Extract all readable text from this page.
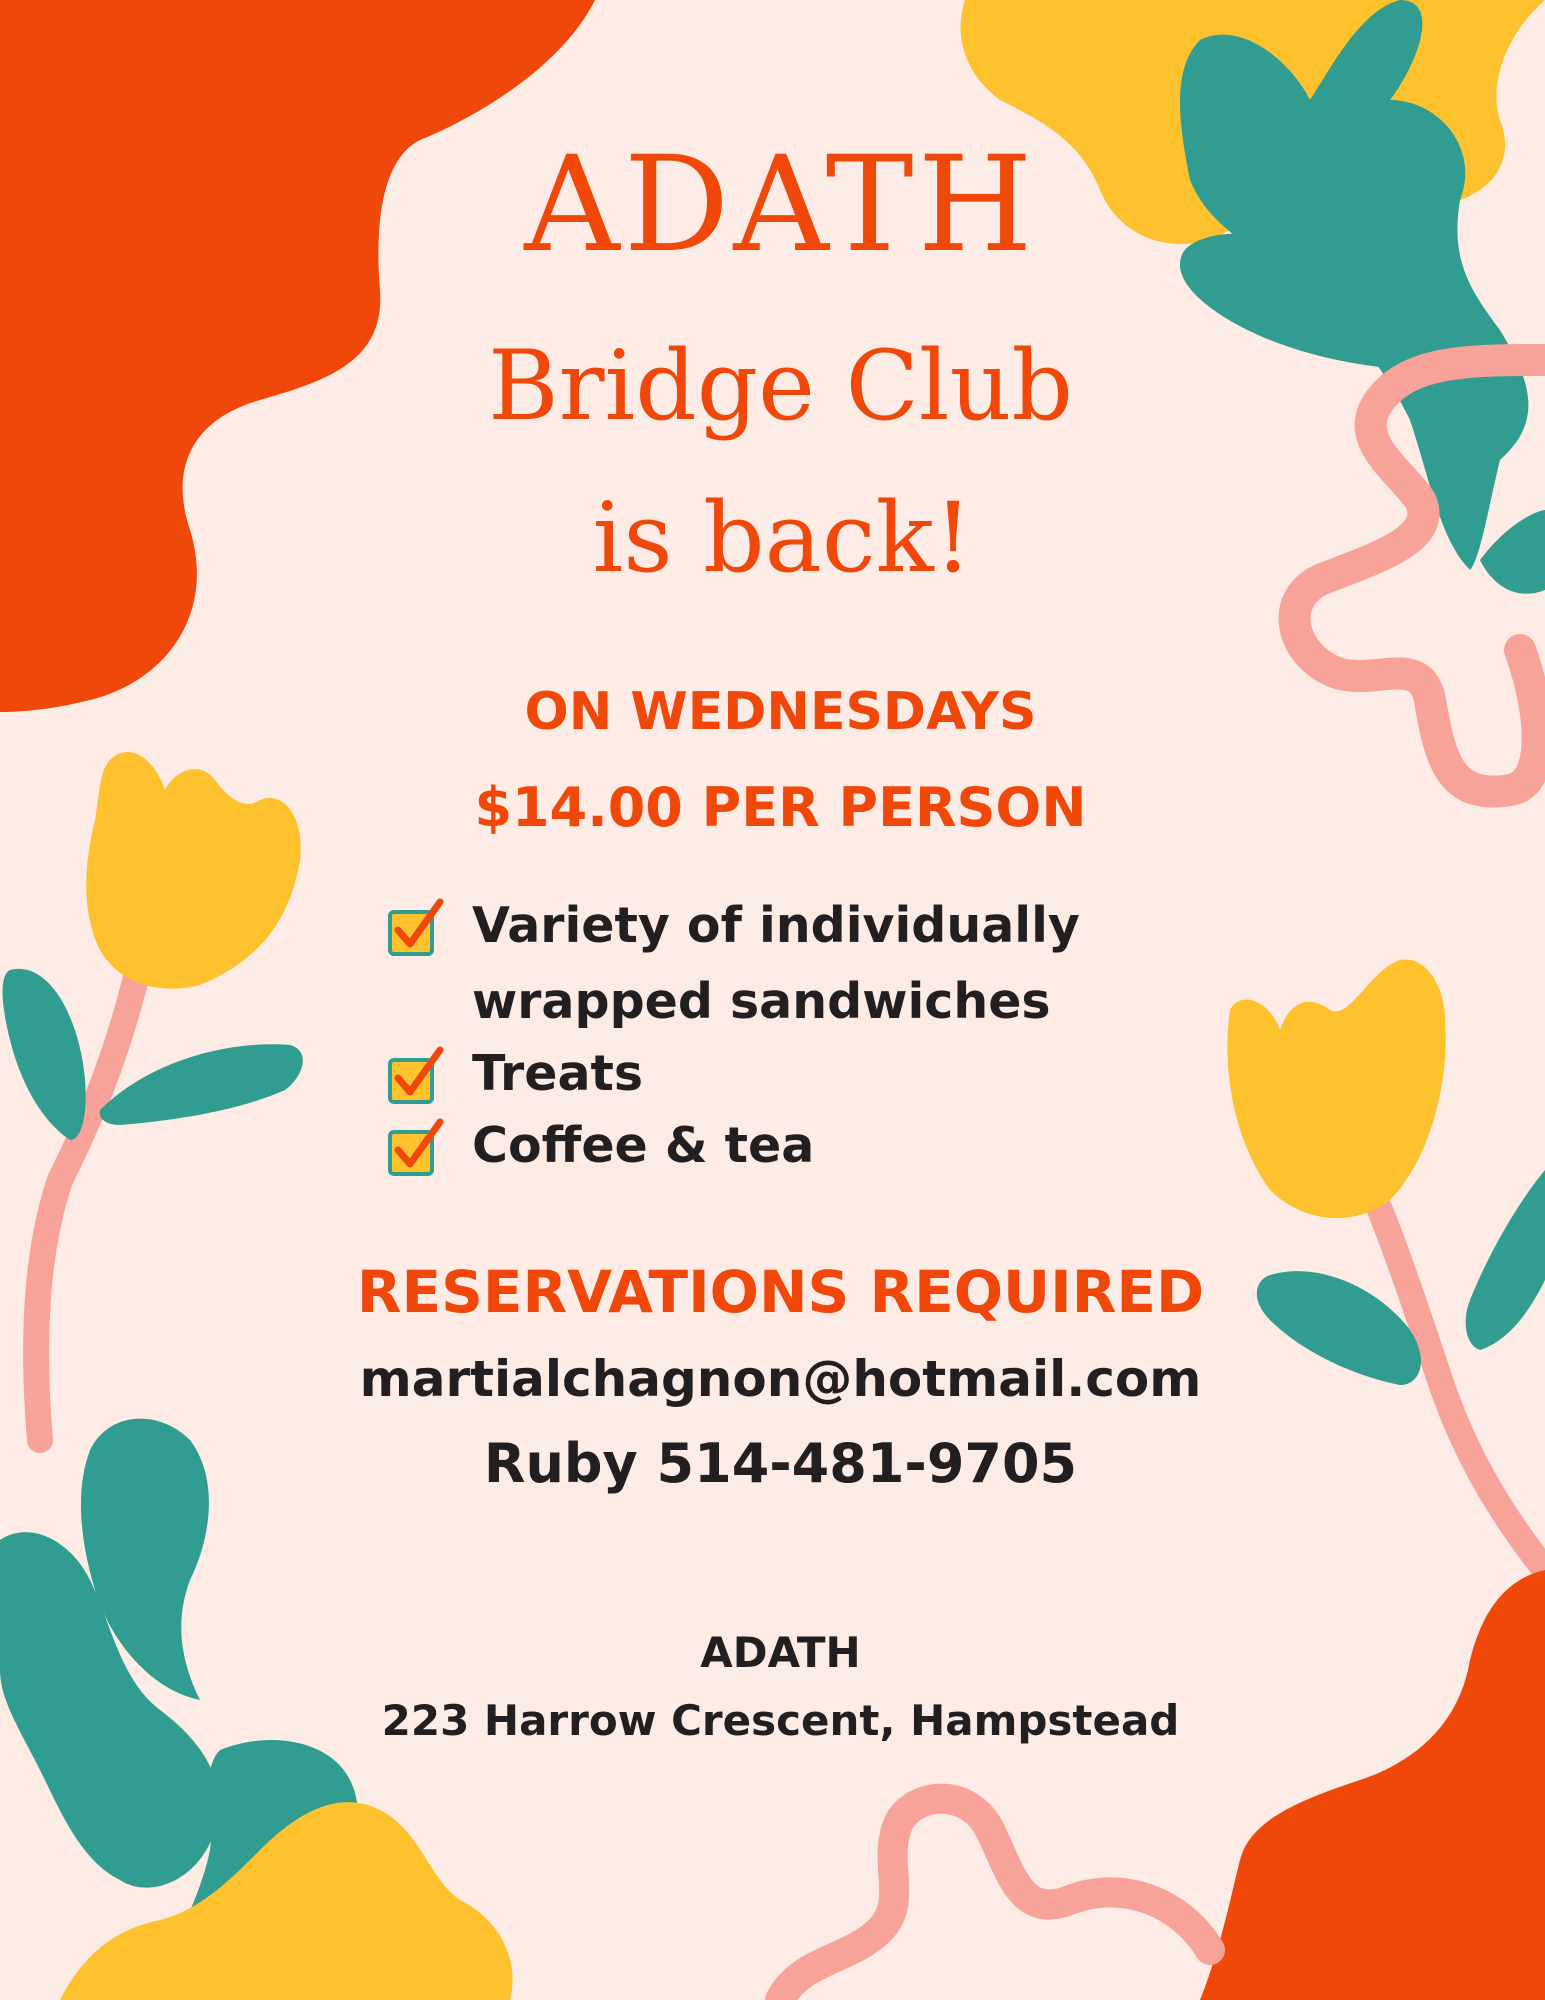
ADATH
Bridge Club
is back!
ON WEDNESDAYS
$14.00 PER PERSON
Variety of individually
wrapped sandwiches
Treats
Coffee & tea
RESERVATIONS REQUIRED
martialchagnon@hotmail.com
Ruby 514-481-9705
ADATH
223 Harrow Crescent, Hampstead
